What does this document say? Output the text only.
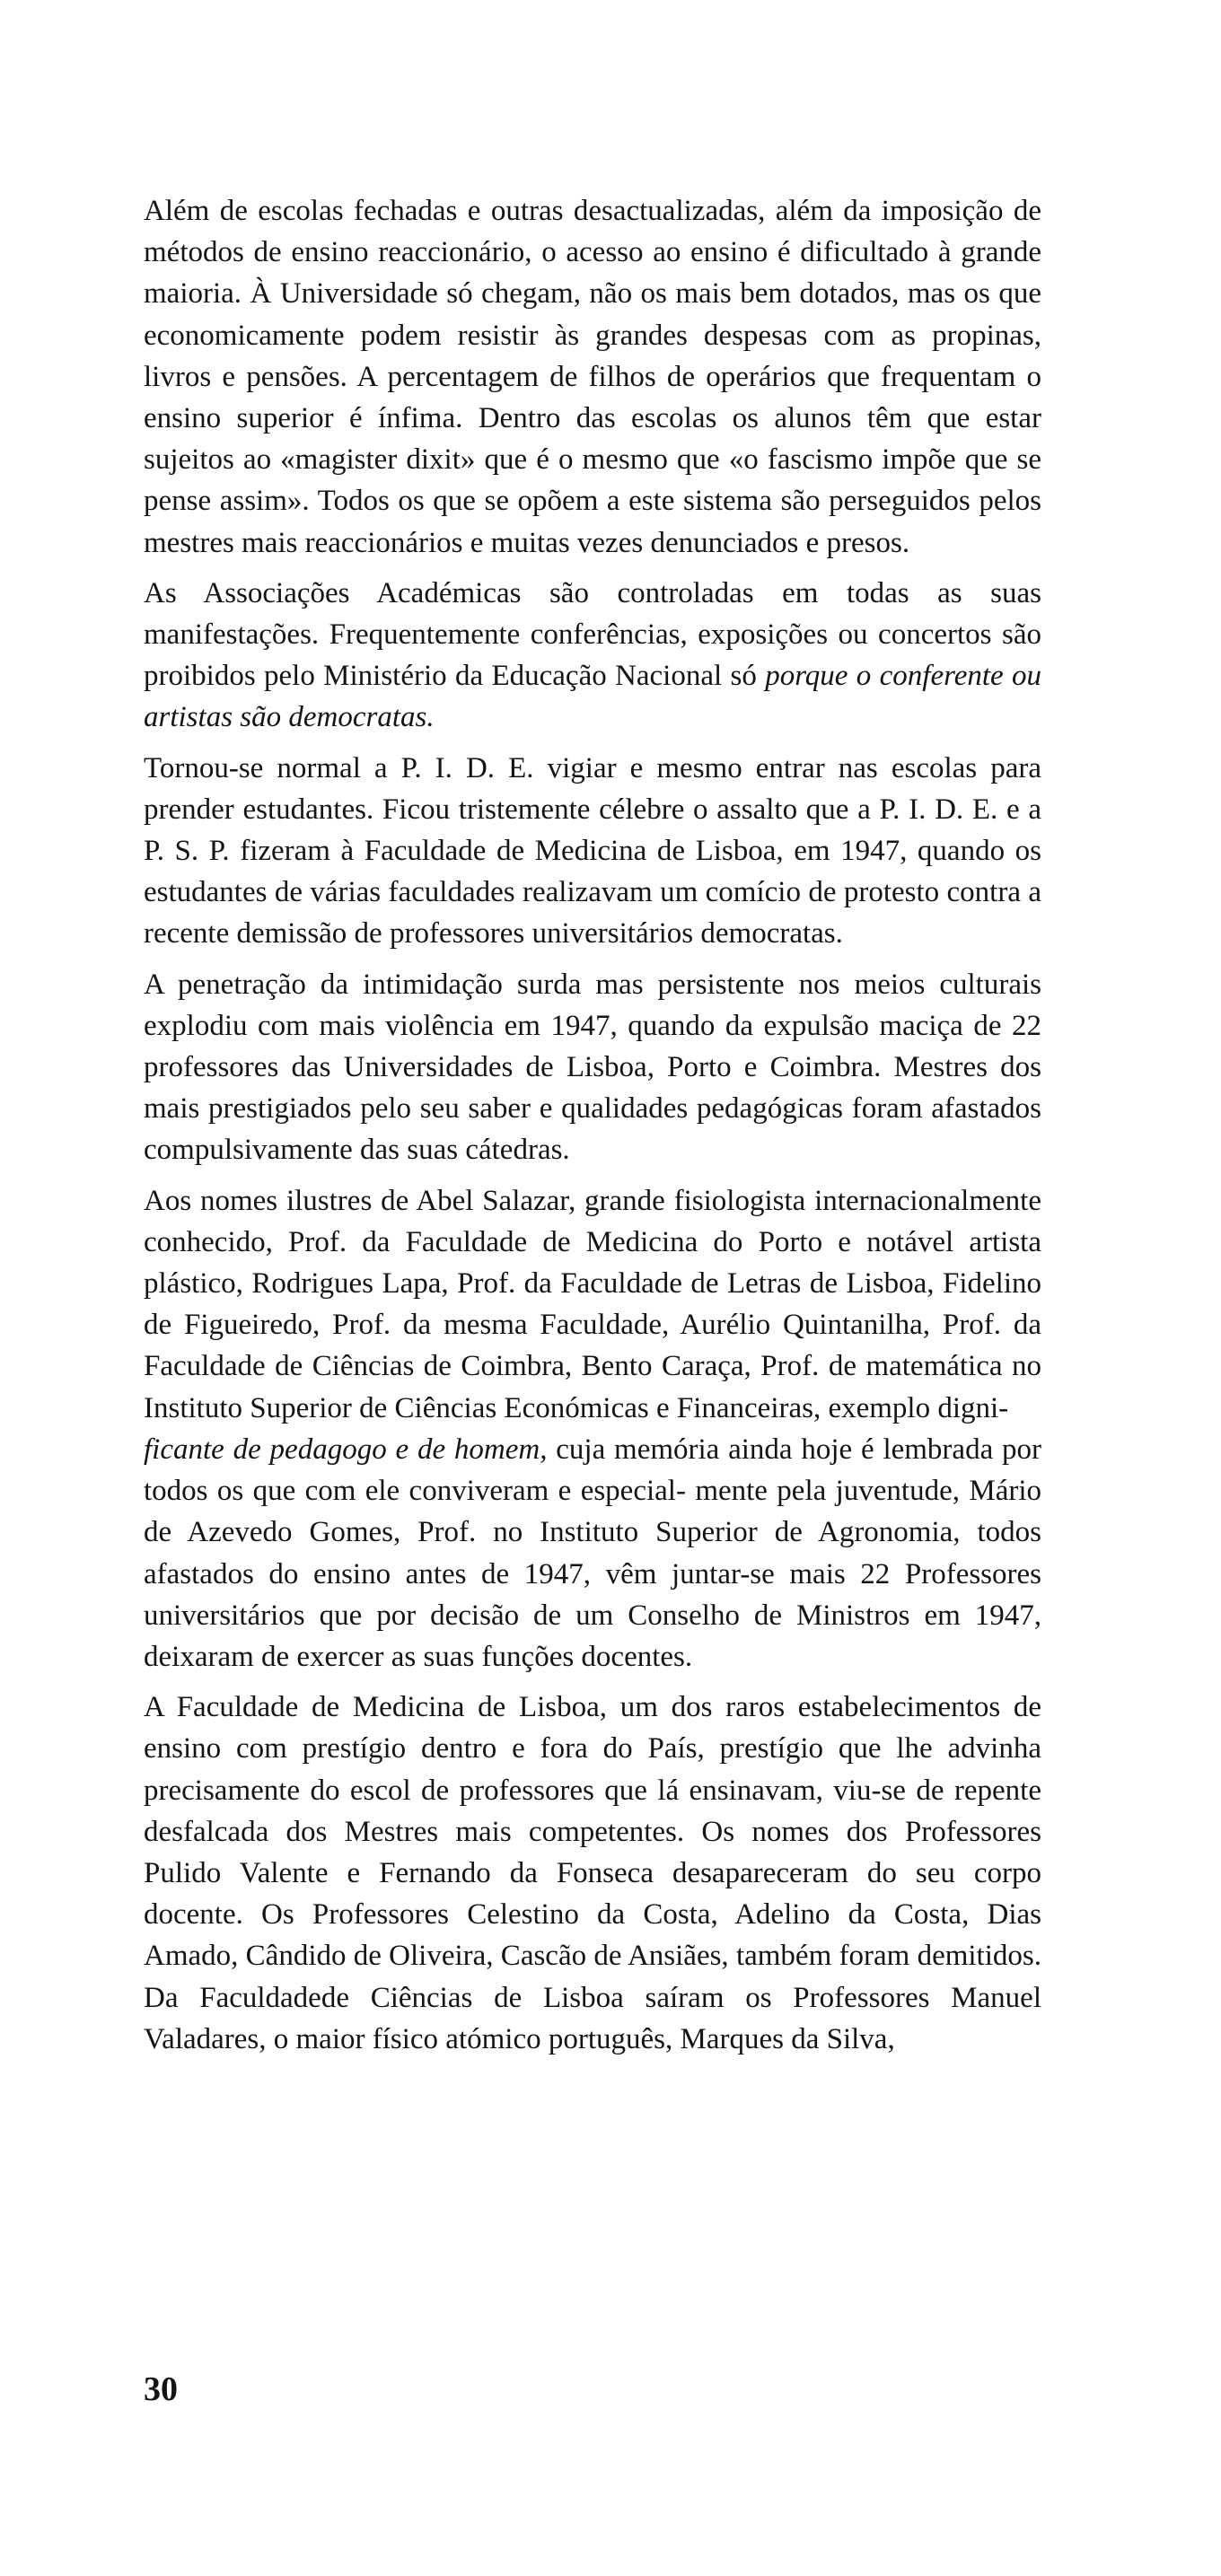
Além de escolas fechadas e outras desactualizadas, além da imposição de métodos de ensino reaccionário, o acesso ao ensino é dificultado à grande maioria. À Universidade só chegam, não os mais bem dotados, mas os que economicamente podem resistir às grandes despesas com as propinas, livros e pensões. A percentagem de filhos de operários que frequentam o ensino superior é ínfima. Dentro das escolas os alunos têm que estar sujeitos ao «magister dixit» que é o mesmo que «o fascismo impõe que se pense assim». Todos os que se opõem a este sistema são perseguidos pelos mestres mais reaccionários e muitas vezes denunciados e presos.

As Associações Académicas são controladas em todas as suas manifestações. Frequentemente conferências, exposições ou concertos são proibidos pelo Ministério da Educação Nacional só porque o conferente ou artistas são democratas.

Tornou-se normal a P. I. D. E. vigiar e mesmo entrar nas escolas para prender estudantes. Ficou tristemente célebre o assalto que a P. I. D. E. e a P. S. P. fizeram à Faculdade de Medicina de Lisboa, em 1947, quando os estudantes de várias faculdades realizavam um comício de protesto contra a recente demissão de professores universitários democratas.

A penetração da intimidação surda mas persistente nos meios culturais explodiu com mais violência em 1947, quando da expulsão maciça de 22 professores das Universidades de Lisboa, Porto e Coimbra. Mestres dos mais prestigiados pelo seu saber e qualidades pedagógicas foram afastados compulsivamente das suas cátedras.

Aos nomes ilustres de Abel Salazar, grande fisiologista internacionalmente conhecido, Prof. da Faculdade de Medicina do Porto e notável artista plástico, Rodrigues Lapa, Prof. da Faculdade de Letras de Lisboa, Fidelino de Figueiredo, Prof. da mesma Faculdade, Aurélio Quintanilha, Prof. da Faculdade de Ciências de Coimbra, Bento Caraça, Prof. de matemática no Instituto Superior de Ciências Económicas e Financeiras, exemplo digni-
ficante de pedagogo e de homem, cuja memória ainda hoje é lembrada por todos os que com ele conviveram e especial- mente pela juventude, Mário de Azevedo Gomes, Prof. no Instituto Superior de Agronomia, todos afastados do ensino antes de 1947, vêm juntar-se mais 22 Professores universitários que por decisão de um Conselho de Ministros em 1947, deixaram de exercer as suas funções docentes.

A Faculdade de Medicina de Lisboa, um dos raros estabelecimentos de ensino com prestígio dentro e fora do País, prestígio que lhe advinha precisamente do escol de professores que lá ensinavam, viu-se de repente desfalcada dos Mestres mais competentes. Os nomes dos Professores Pulido Valente e Fernando da Fonseca desapareceram do seu corpo docente. Os Professores Celestino da Costa, Adelino da Costa, Dias Amado, Cândido de Oliveira, Cascão de Ansiães, também foram demitidos. Da Faculdadede Ciências de Lisboa saíram os Professores Manuel Valadares, o maior físico atómico português, Marques da Silva,

30
